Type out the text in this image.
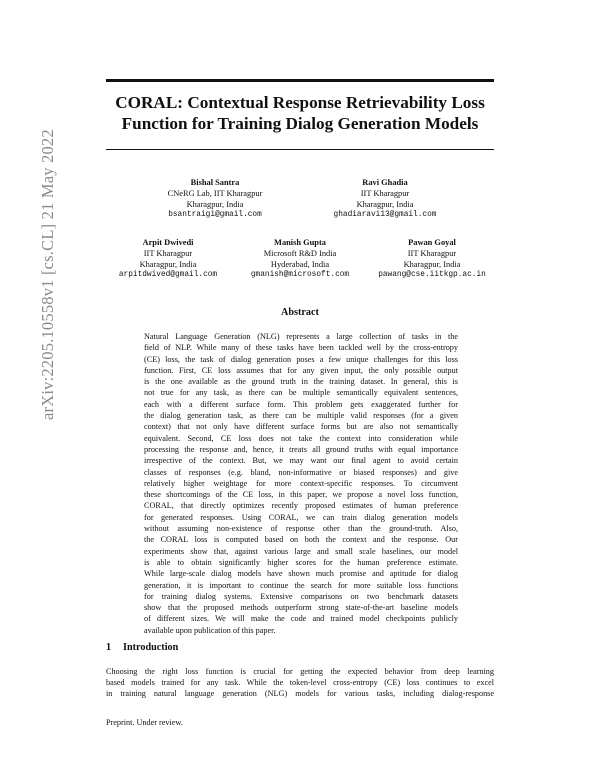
arXiv:2205.10558v1 [cs.CL] 21 May 2022
CORAL: Contextual Response Retrievability Loss
Function for Training Dialog Generation Models
Bishal Santra
CNeRG Lab, IIT Kharagpur
Kharagpur, India
bsantraigi@gmail.com
Ravi Ghadia
IIT Kharagpur
Kharagpur, India
ghadiaravi13@gmail.com
Arpit Dwivedi
IIT Kharagpur
Kharagpur, India
arpitdwived@gmail.com
Manish Gupta
Microsoft R&D India
Hyderabad, India
gmanish@microsoft.com
Pawan Goyal
IIT Kharagpur
Kharagpur, India
pawang@cse.iitkgp.ac.in
Abstract
Natural Language Generation (NLG) represents a large collection of tasks in the
field of NLP. While many of these tasks have been tackled well by the cross-entropy
(CE) loss, the task of dialog generation poses a few unique challenges for this loss
function. First, CE loss assumes that for any given input, the only possible output
is the one available as the ground truth in the training dataset. In general, this is
not true for any task, as there can be multiple semantically equivalent sentences,
each with a different surface form. This problem gets exaggerated further for
the dialog generation task, as there can be multiple valid responses (for a given
context) that not only have different surface forms but are also not semantically
equivalent. Second, CE loss does not take the context into consideration while
processing the response and, hence, it treats all ground truths with equal importance
irrespective of the context. But, we may want our final agent to avoid certain
classes of responses (e.g. bland, non-informative or biased responses) and give
relatively higher weightage for more context-specific responses. To circumvent
these shortcomings of the CE loss, in this paper, we propose a novel loss function,
CORAL, that directly optimizes recently proposed estimates of human preference
for generated responses. Using CORAL, we can train dialog generation models
without assuming non-existence of response other than the ground-truth. Also,
the CORAL loss is computed based on both the context and the response. Our
experiments show that, against various large and small scale baselines, our model
is able to obtain significantly higher scores for the human preference estimate.
While large-scale dialog models have shown much promise and aptitude for dialog
generation, it is important to continue the search for more suitable loss functions
for training dialog systems. Extensive comparisons on two benchmark datasets
show that the proposed methods outperform strong state-of-the-art baseline models
of different sizes. We will make the code and trained model checkpoints publicly
available upon publication of this paper.
1 Introduction
Choosing the right loss function is crucial for getting the expected behavior from deep learning
based models trained for any task. While the token-level cross-entropy (CE) loss continues to excel
in training natural language generation (NLG) models for various tasks, including dialog-response
Preprint. Under review.
